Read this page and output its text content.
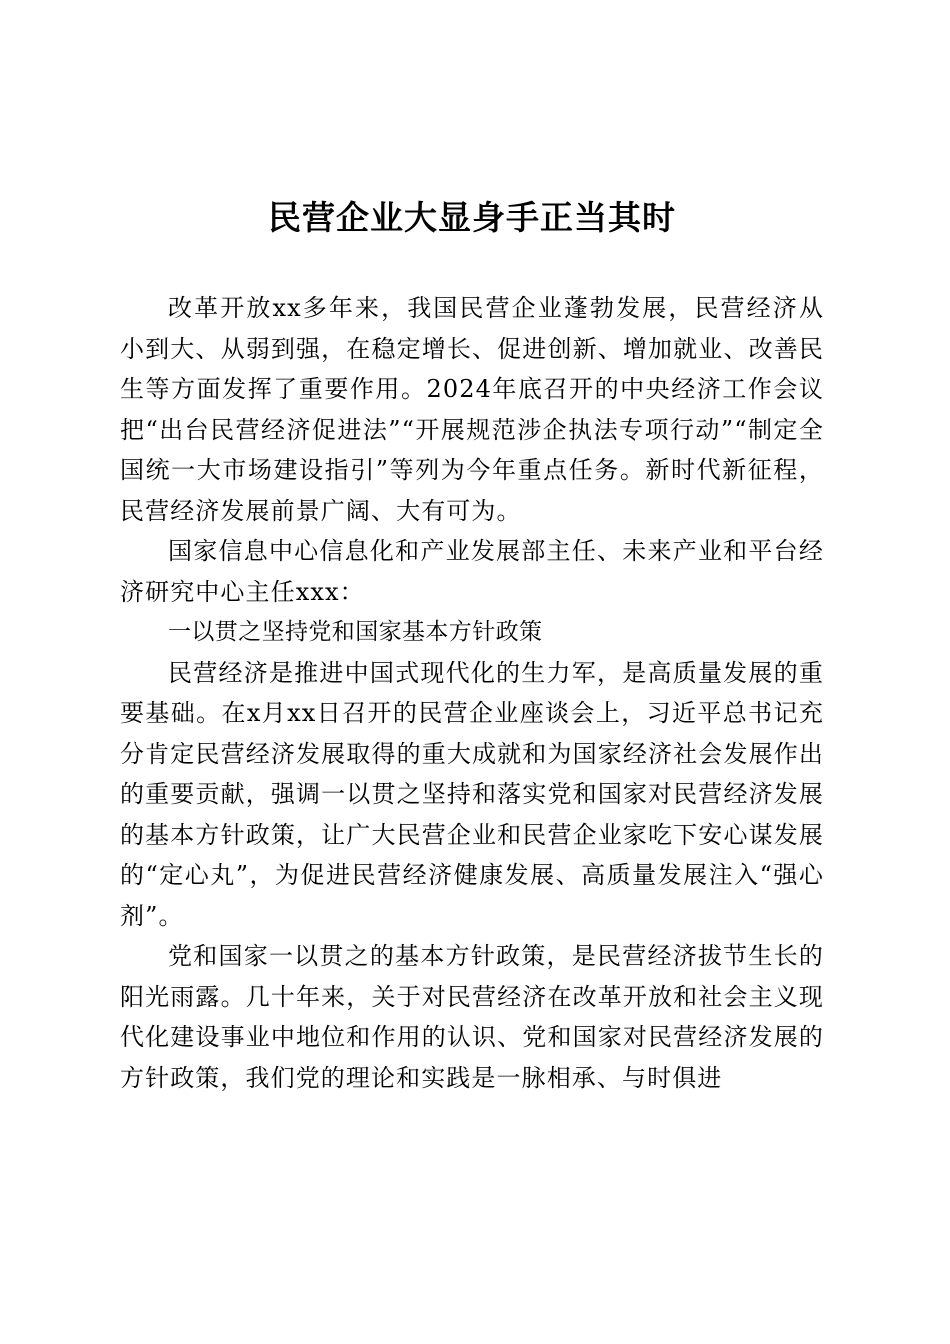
民营企业大显身手正当其时

改革开放xx多年来，我国民营企业蓬勃发展，民营经济从小到大、从弱到强，在稳定增长、促进创新、增加就业、改善民生等方面发挥了重要作用。2024年底召开的中央经济工作会议把“出台民营经济促进法”“开展规范涉企执法专项行动”“制定全国统一大市场建设指引”等列为今年重点任务。新时代新征程，民营经济发展前景广阔、大有可为。

国家信息中心信息化和产业发展部主任、未来产业和平台经济研究中心主任xxx：

一以贯之坚持党和国家基本方针政策

民营经济是推进中国式现代化的生力军，是高质量发展的重要基础。在x月xx日召开的民营企业座谈会上，习近平总书记充分肯定民营经济发展取得的重大成就和为国家经济社会发展作出的重要贡献，强调一以贯之坚持和落实党和国家对民营经济发展的基本方针政策，让广大民营企业和民营企业家吃下安心谋发展的“定心丸”，为促进民营经济健康发展、高质量发展注入“强心剂”。

党和国家一以贯之的基本方针政策，是民营经济拔节生长的阳光雨露。几十年来，关于对民营经济在改革开放和社会主义现代化建设事业中地位和作用的认识、党和国家对民营经济发展的方针政策，我们党的理论和实践是一脉相承、与时俱进
